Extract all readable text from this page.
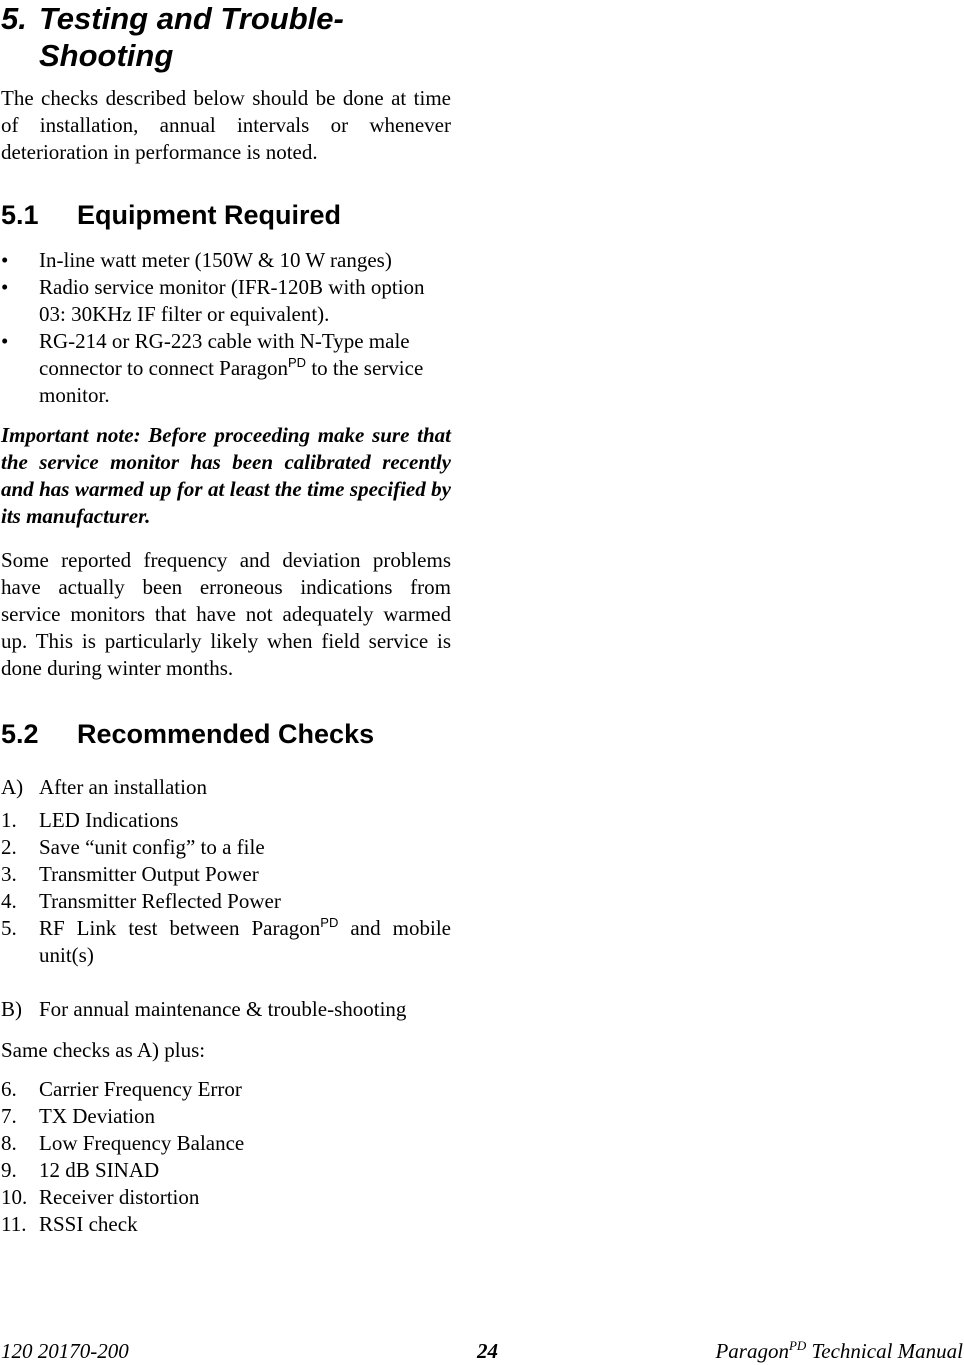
5. Testing and Trouble-Shooting

The checks described below should be done at time of installation, annual intervals or whenever deterioration in performance is noted.

5.1	Equipment Required
•	In-line watt meter (150W & 10 W ranges)
•	Radio service monitor (IFR-120B with option 03: 30KHz IF filter or equivalent).
•	RG-214 or RG-223 cable with N-Type male connector to connect Paragon$^{PD}$ to the service monitor.

Important note: Before proceeding make sure that the service monitor has been calibrated recently and has warmed up for at least the time specified by its manufacturer.

Some reported frequency and deviation problems have actually been erroneous indications from service monitors that have not adequately warmed up. This is particularly likely when field service is done during winter months.

5.2	Recommended Checks
A) After an installation
1.	LED Indications
2.	Save “unit config” to a file
3.	Transmitter Output Power
4.	Transmitter Reflected Power
5.	RF Link test between Paragon$^{PD}$ and mobile unit(s)
B) For annual maintenance & trouble-shooting

Same checks as A) plus:

6.	Carrier Frequency Error
7.	TX Deviation
8.	Low Frequency Balance
9.	12 dB SINAD
10. Receiver distortion
11. RSSI check
120 20170-200	24	Paragon$^{PD}$ Technical Manual
